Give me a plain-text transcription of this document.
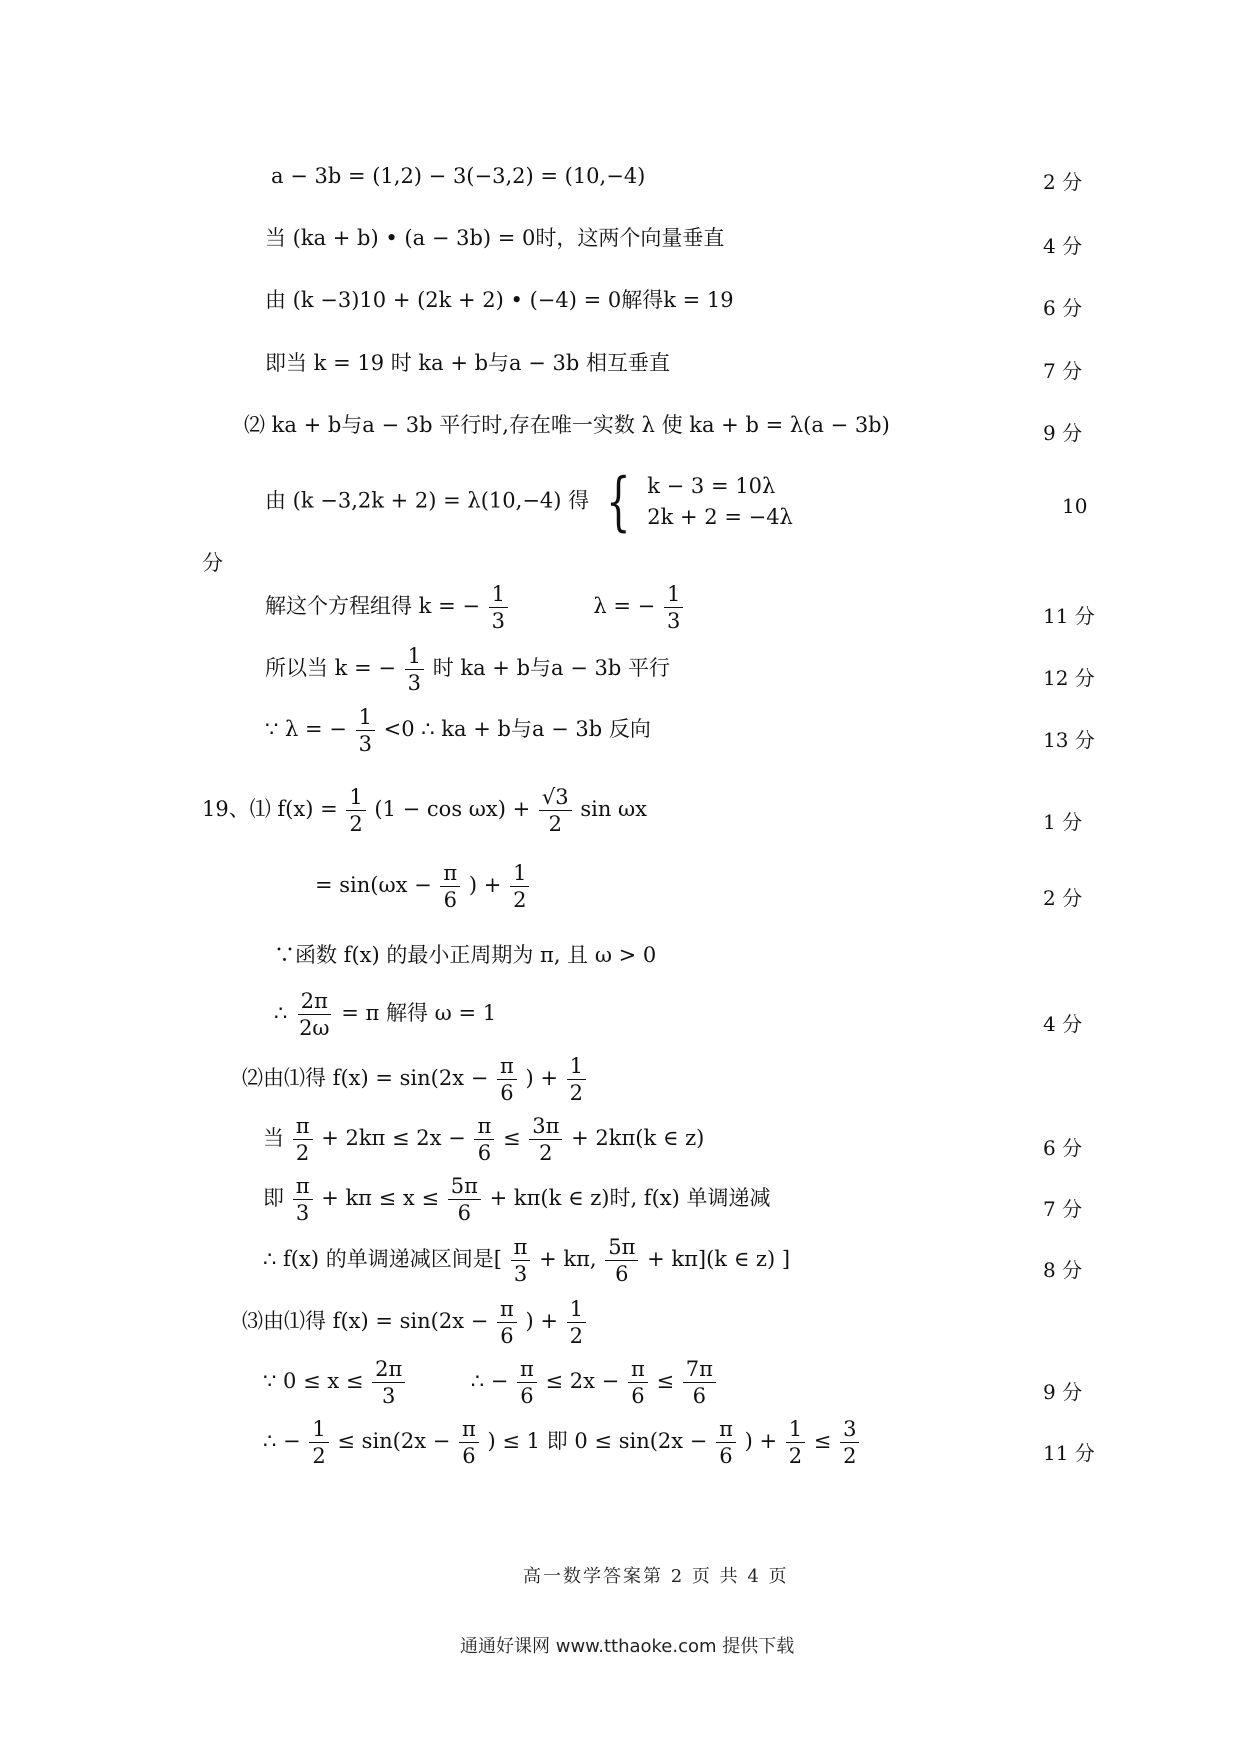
a − 3b = (1,2) − 3(−3,2) = (10,−4)	2 分
当 (ka + b) • (a − 3b) = 0时，这两个向量垂直	4 分
由 (k −3)10 + (2k + 2) • (−4) = 0解得k = 19	6 分
即当 k = 19 时 ka + b与a − 3b 相互垂直	7 分
⑵ ka + b与a − 3b 平行时,存在唯一实数 λ 使 ka + b = λ(a − 3b)	9 分
由 (k −3,2k + 2) = λ(10,−4) 得 { k − 3 = 10λ
2k + 2 = −4λ	10
分
解这个方程组得 k = − $\frac{1}{3}$	λ = − $\frac{1}{3}$	11 分
所以当 k = − $\frac{1}{3}$ 时 ka + b与a − 3b 平行	12 分
∵ λ = − $\frac{1}{3} <0$ ∴ ka + b与a − 3b 反向	13 分
19、⑴ $f(x) = \frac{1}{2} (1 - \cos \omega x) + \frac{√3}{2}$ sin ωx
1 分
= $\sin(\omega x - \frac{\pi}{6}$ ) + $\frac{1}{2}$	2 分
∵函数 f(x) 的最小正周期为 π, 且 ω > 0
∴ $\frac{2\pi}{2\omega} = \pi$ 解得 ω = 1	4 分
⑵由⑴得 $f(x) = \sin(2x - \frac{\pi}{6}$ ) + $\frac{1}{2}$
当 $\frac{\pi}{2} + 2k\pi \le 2x - \frac{\pi}{6} \le \frac{3\pi}{2} + 2k\pi(k$ ∈ z)	6 分
即 $\frac{\pi}{3} + k\pi \le x \le \frac{5\pi}{6} + k\pi(k$ ∈ z)时, f(x) 单调递减	7 分
∴ f(x) 的单调递减区间是[ $\frac{\pi}{3} + k\pi$, $\frac{5\pi}{6} + k\pi](k$ ∈ z) ]	8 分
⑶由⑴得 $f(x) = \sin(2x - \frac{\pi}{6}$ ) + $\frac{1}{2}$
∵ $0 \le x \le \frac{2\pi}{3}$	∴ − $\frac{\pi}{6} \le 2x - \frac{\pi}{6} \le \frac{7\pi}{6}$	9 分
∴ − $\frac{1}{2} \le \sin(2x - \frac{\pi}{6}$ ) ≤ 1 即 $0 \le \sin(2x - \frac{\pi}{6}$ ) + $\frac{1}{2} \le \frac{3}{2}$	11 分
高一数学答案第 2 页 共 4 页
通通好课网 www.tthaoke.com 提供下载
